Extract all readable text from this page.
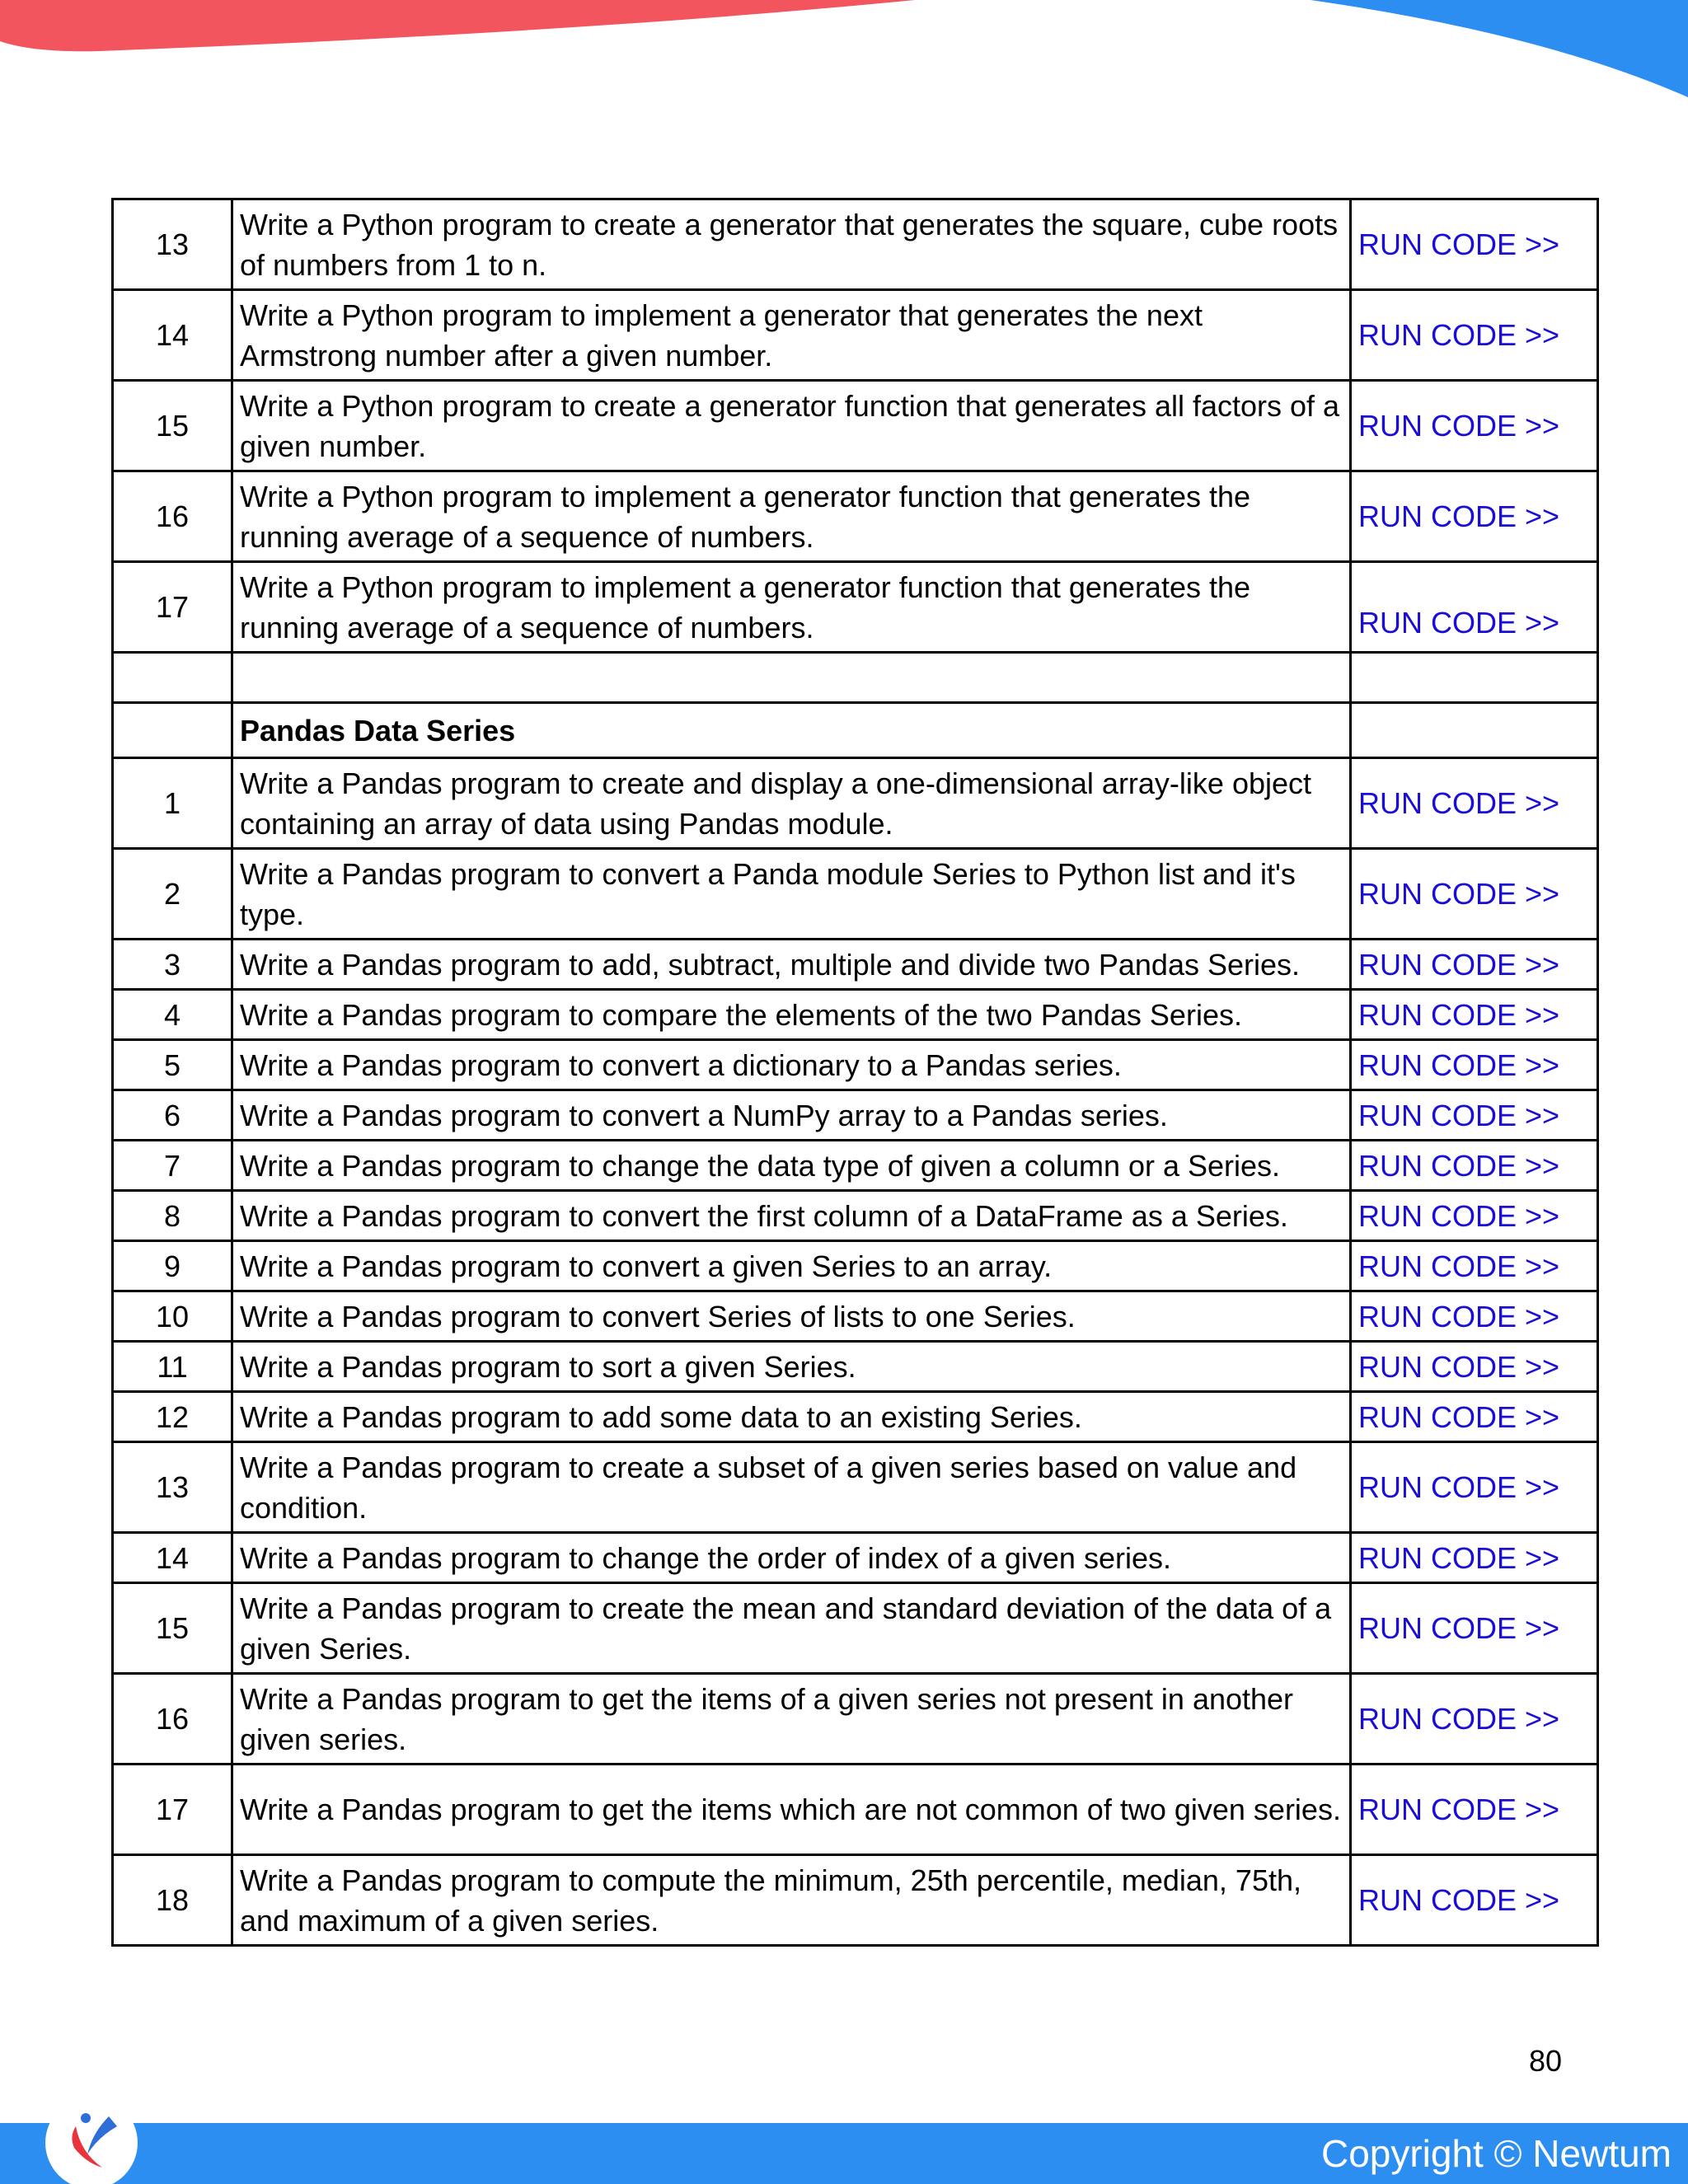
13	Write a Python program to create a generator that generates the square, cube roots of numbers from 1 to n.	RUN CODE >>
14	Write a Python program to implement a generator that generates the next Armstrong number after a given number.	RUN CODE >>
15	Write a Python program to create a generator function that generates all factors of a given number.	RUN CODE >>
16	Write a Python program to implement a generator function that generates the running average of a sequence of numbers.	RUN CODE >>
17	Write a Python program to implement a generator function that generates the running average of a sequence of numbers.	RUN CODE >>

	Pandas Data Series	
1	Write a Pandas program to create and display a one-dimensional array-like object containing an array of data using Pandas module.	RUN CODE >>
2	Write a Pandas program to convert a Panda module Series to Python list and it's type.	RUN CODE >>
3	Write a Pandas program to add, subtract, multiple and divide two Pandas Series.	RUN CODE >>
4	Write a Pandas program to compare the elements of the two Pandas Series.	RUN CODE >>
5	Write a Pandas program to convert a dictionary to a Pandas series.	RUN CODE >>
6	Write a Pandas program to convert a NumPy array to a Pandas series.	RUN CODE >>
7	Write a Pandas program to change the data type of given a column or a Series.	RUN CODE >>
8	Write a Pandas program to convert the first column of a DataFrame as a Series.	RUN CODE >>
9	Write a Pandas program to convert a given Series to an array.	RUN CODE >>
10	Write a Pandas program to convert Series of lists to one Series.	RUN CODE >>
11	Write a Pandas program to sort a given Series.	RUN CODE >>
12	Write a Pandas program to add some data to an existing Series.	RUN CODE >>
13	Write a Pandas program to create a subset of a given series based on value and condition.	RUN CODE >>
14	Write a Pandas program to change the order of index of a given series.	RUN CODE >>
15	Write a Pandas program to create the mean and standard deviation of the data of a given Series.	RUN CODE >>
16	Write a Pandas program to get the items of a given series not present in another given series.	RUN CODE >>
17	Write a Pandas program to get the items which are not common of two given series.	RUN CODE >>
18	Write a Pandas program to compute the minimum, 25th percentile, median, 75th, and maximum of a given series.	RUN CODE >>
80
Copyright © Newtum
